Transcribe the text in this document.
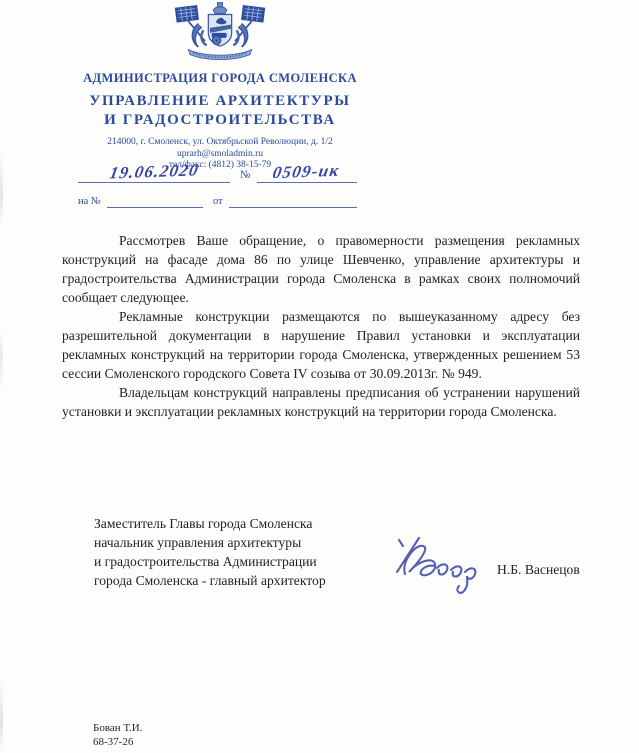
АДМИНИСТРАЦИЯ ГОРОДА СМОЛЕНСКА
УПРАВЛЕНИЕ АРХИТЕКТУРЫ
И ГРАДОСТРОИТЕЛЬСТВА
214000, г. Смоленск, ул. Октябрьской Революции, д. 1/2
uprarh@smoladmin.ru
тел/факс: (4812) 38-15-79
19.06.2020	№ 0509-ик
на №	от

Рассмотрев Ваше обращение, о правомерности размещения рекламных конструкций на фасаде дома 86 по улице Шевченко, управление архитектуры и градостроительства Администрации города Смоленска в рамках своих полномочий сообщает следующее.

Рекламные конструкции размещаются по вышеуказанному адресу без разрешительной документации в нарушение Правил установки и эксплуатации рекламных конструкций на территории города Смоленска, утвержденных решением 53 сессии Смоленского городского Совета IV созыва от 30.09.2013г. № 949.

Владельцам конструкций направлены предписания об устранении нарушений установки и эксплуатации рекламных конструкций на территории города Смоленска.

Заместитель Главы города Смоленска
начальник управления архитектуры
и градостроительства Администрации
города Смоленска - главный архитектор
Н.Б. Васнецов
Бован Т.И.
68-37-26
